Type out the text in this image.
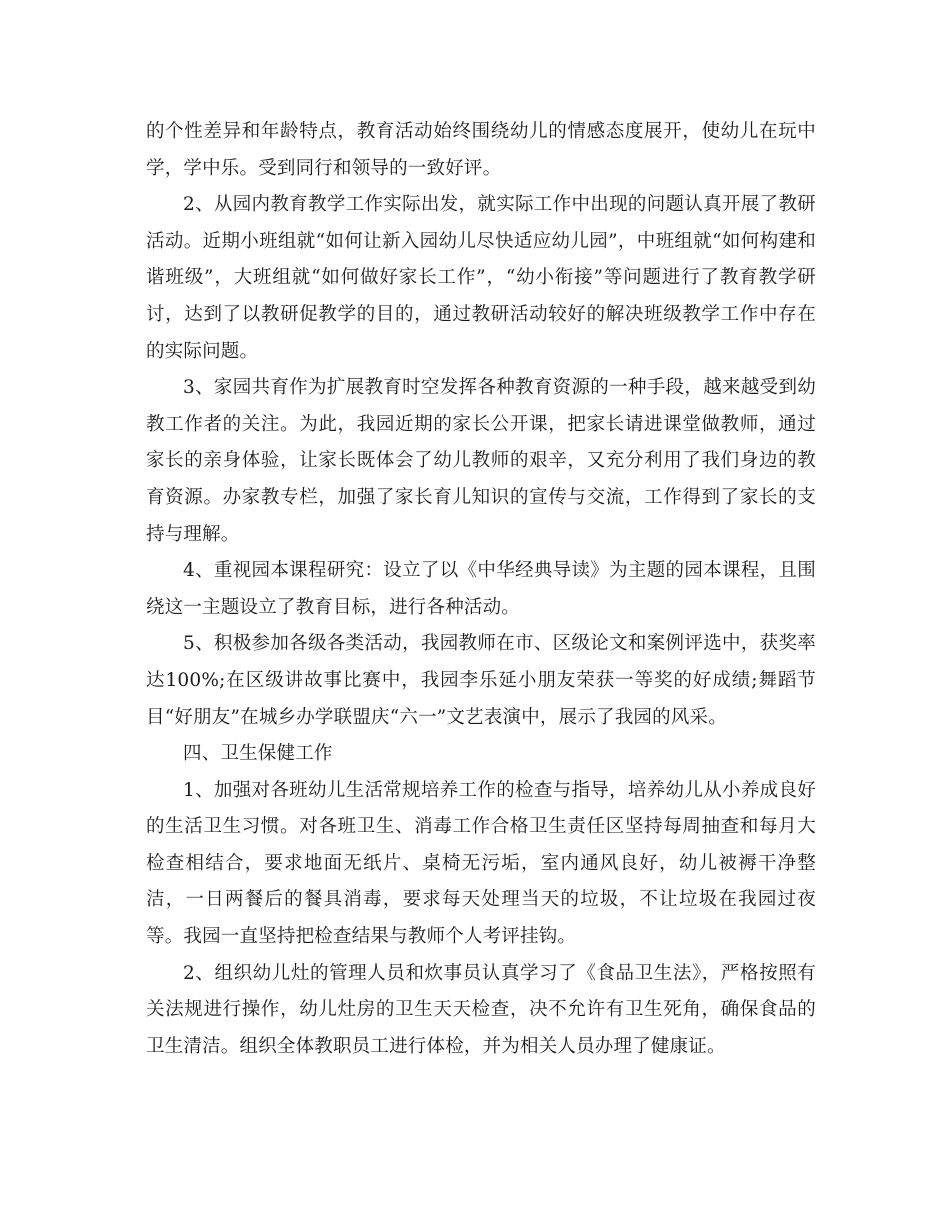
的个性差异和年龄特点，教育活动始终围绕幼儿的情感态度展开，使幼儿在玩中学，学中乐。受到同行和领导的一致好评。

2、从园内教育教学工作实际出发，就实际工作中出现的问题认真开展了教研活动。近期小班组就“如何让新入园幼儿尽快适应幼儿园”，中班组就“如何构建和谐班级”，大班组就“如何做好家长工作”，“幼小衔接”等问题进行了教育教学研讨，达到了以教研促教学的目的，通过教研活动较好的解决班级教学工作中存在的实际问题。

3、家园共育作为扩展教育时空发挥各种教育资源的一种手段，越来越受到幼教工作者的关注。为此，我园近期的家长公开课，把家长请进课堂做教师，通过家长的亲身体验，让家长既体会了幼儿教师的艰辛，又充分利用了我们身边的教育资源。办家教专栏，加强了家长育儿知识的宣传与交流，工作得到了家长的支持与理解。

4、重视园本课程研究：设立了以《中华经典导读》为主题的园本课程，且围绕这一主题设立了教育目标，进行各种活动。

5、积极参加各级各类活动，我园教师在市、区级论文和案例评选中，获奖率达100%;在区级讲故事比赛中，我园李乐延小朋友荣获一等奖的好成绩;舞蹈节目“好朋友”在城乡办学联盟庆“六一”文艺表演中，展示了我园的风采。

四、卫生保健工作

1、加强对各班幼儿生活常规培养工作的检查与指导，培养幼儿从小养成良好的生活卫生习惯。对各班卫生、消毒工作合格卫生责任区坚持每周抽查和每月大检查相结合，要求地面无纸片、桌椅无污垢，室内通风良好，幼儿被褥干净整洁，一日两餐后的餐具消毒，要求每天处理当天的垃圾，不让垃圾在我园过夜等。我园一直坚持把检查结果与教师个人考评挂钩。

2、组织幼儿灶的管理人员和炊事员认真学习了《食品卫生法》，严格按照有关法规进行操作，幼儿灶房的卫生天天检查，决不允许有卫生死角，确保食品的卫生清洁。组织全体教职员工进行体检，并为相关人员办理了健康证。
